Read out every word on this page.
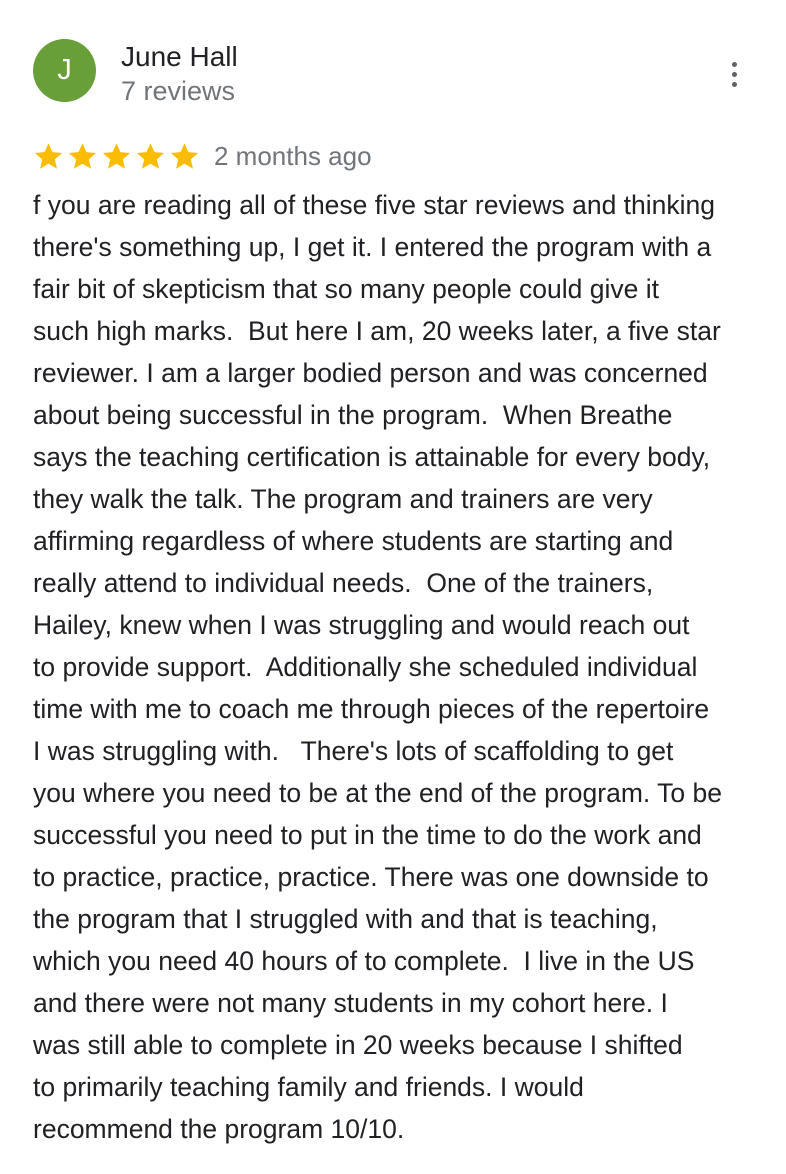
J June Hall
7 reviews
2 months ago

f you are reading all of these five star reviews and thinking
there's something up, I get it. I entered the program with a
fair bit of skepticism that so many people could give it
such high marks.  But here I am, 20 weeks later, a five star
reviewer. I am a larger bodied person and was concerned
about being successful in the program.  When Breathe
says the teaching certification is attainable for every body,
they walk the talk. The program and trainers are very
affirming regardless of where students are starting and
really attend to individual needs.  One of the trainers,
Hailey, knew when I was struggling and would reach out
to provide support.  Additionally she scheduled individual
time with me to coach me through pieces of the repertoire
I was struggling with.   There's lots of scaffolding to get
you where you need to be at the end of the program. To be
successful you need to put in the time to do the work and
to practice, practice, practice. There was one downside to
the program that I struggled with and that is teaching,
which you need 40 hours of to complete.  I live in the US
and there were not many students in my cohort here. I
was still able to complete in 20 weeks because I shifted
to primarily teaching family and friends. I would
recommend the program 10/10.
